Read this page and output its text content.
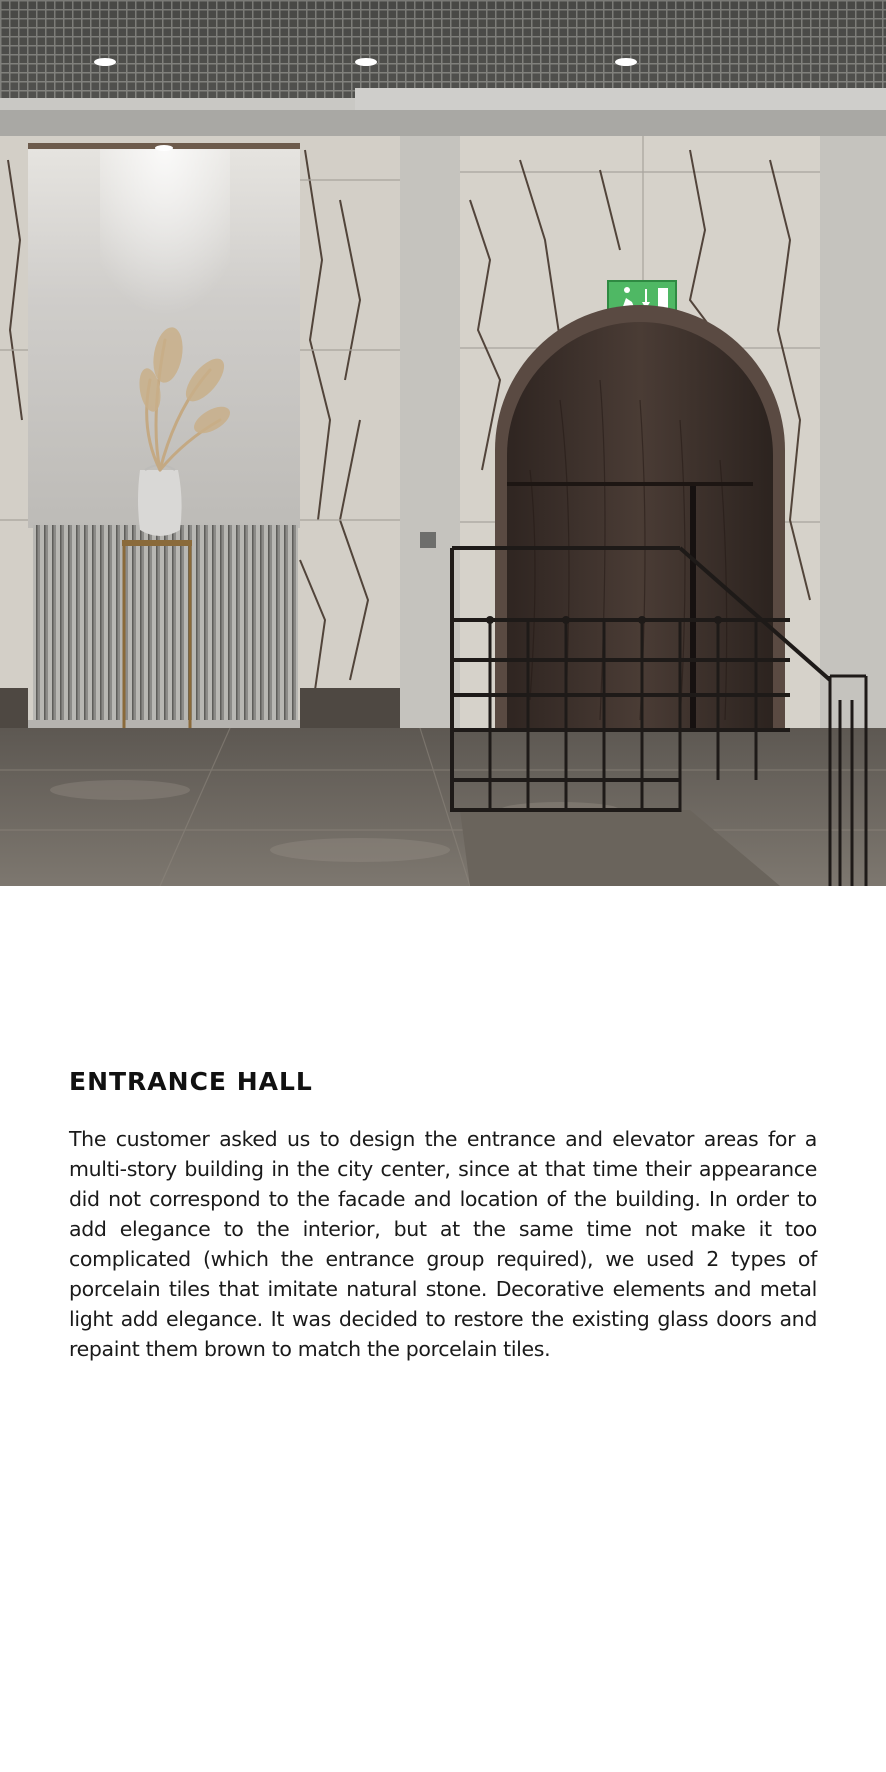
ENTRANCE HALL

The customer asked us to design the entrance and elevator areas for a multi-story building in the city center, since at that time their appearance did not correspond to the facade and location of the building. In order to add elegance to the interior, but at the same time not make it too complicated (which the entrance group required), we used 2 types of porcelain tiles that imitate natural stone. Decorative elements and metal light add elegance. It was decided to restore the existing glass doors and repaint them brown to match the porcelain tiles.
